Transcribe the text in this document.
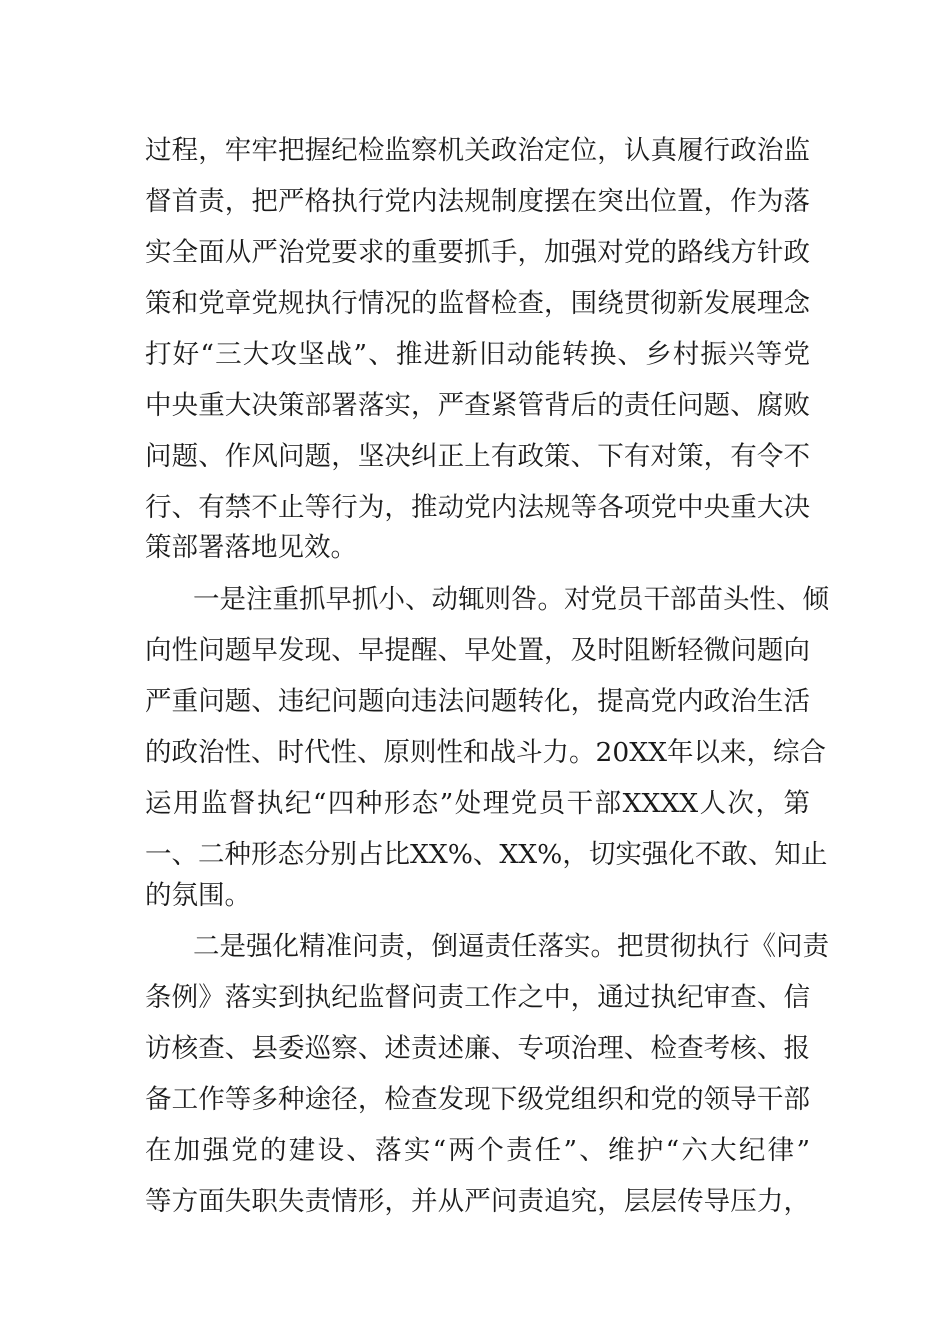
过程，牢牢把握纪检监察机关政治定位，认真履行政治监
督首责，把严格执行党内法规制度摆在突出位置，作为落
实全面从严治党要求的重要抓手，加强对党的路线方针政
策和党章党规执行情况的监督检查，围绕贯彻新发展理念
打好“三大攻坚战”、推进新旧动能转换、乡村振兴等党
中央重大决策部署落实，严查紧管背后的责任问题、腐败
问题、作风问题，坚决纠正上有政策、下有对策，有令不
行、有禁不止等行为，推动党内法规等各项党中央重大决
策部署落地见效。
一是注重抓早抓小、动辄则咎。对党员干部苗头性、倾
向性问题早发现、早提醒、早处置，及时阻断轻微问题向
严重问题、违纪问题向违法问题转化，提高党内政治生活
的政治性、时代性、原则性和战斗力。20XX年以来，综合
运用监督执纪“四种形态”处理党员干部XXXX人次，第
一、二种形态分别占比XX%、XX%，切实强化不敢、知止
的氛围。
二是强化精准问责，倒逼责任落实。把贯彻执行《问责
条例》落实到执纪监督问责工作之中，通过执纪审查、信
访核查、县委巡察、述责述廉、专项治理、检查考核、报
备工作等多种途径，检查发现下级党组织和党的领导干部
在加强党的建设、落实“两个责任”、维护“六大纪律”
等方面失职失责情形，并从严问责追究，层层传导压力，
